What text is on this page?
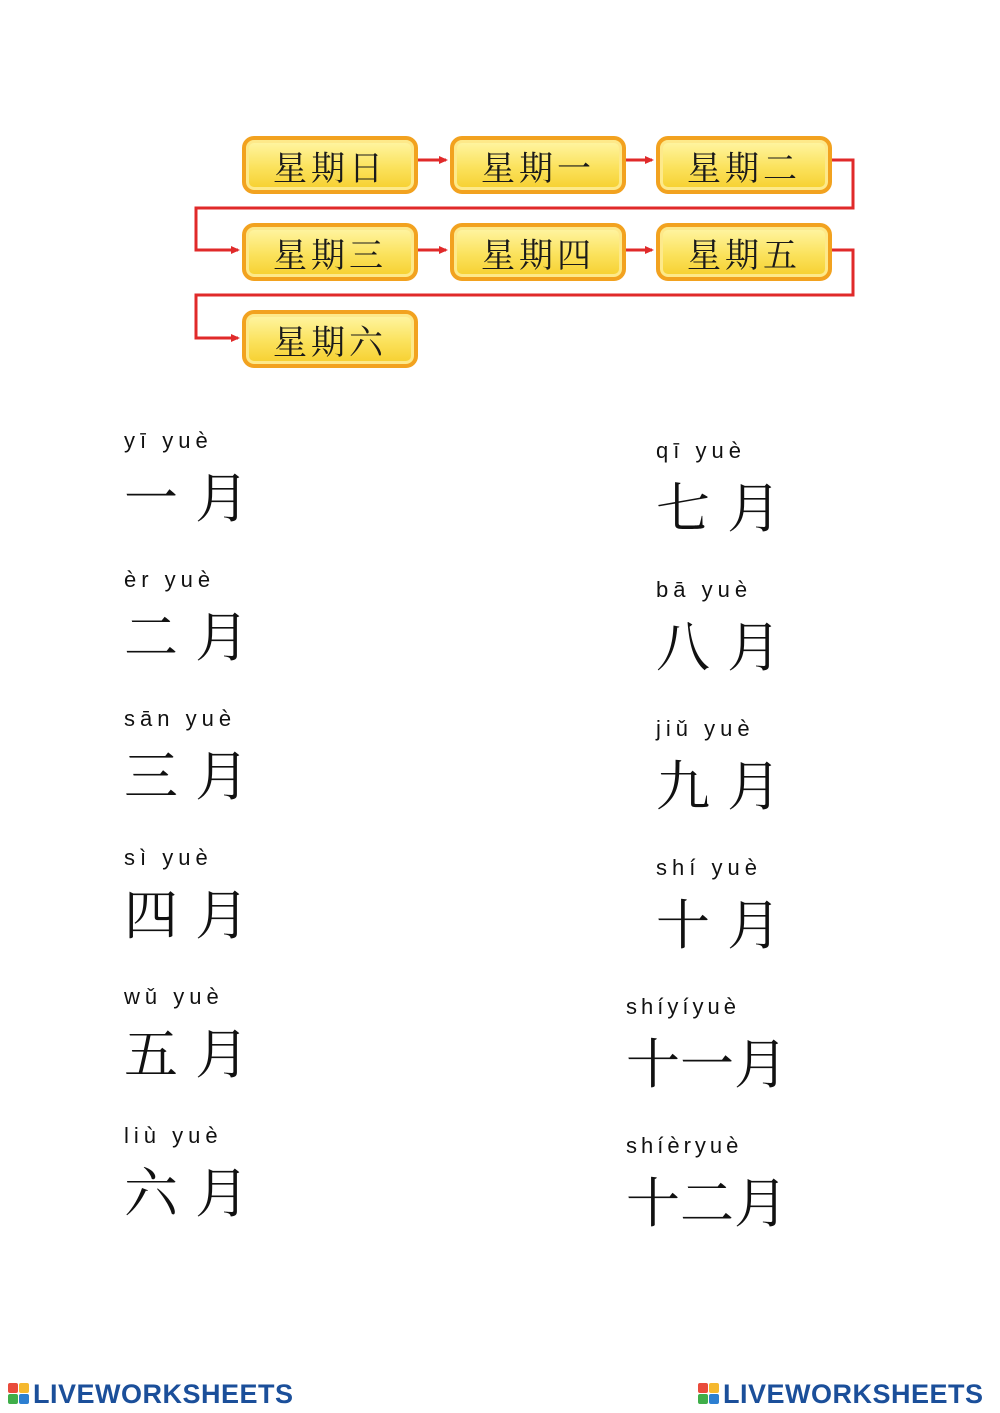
星期日	星期一	星期二
星期三	星期四	星期五
星期六
yī yuè
一 月
èr yuè
二 月
sān yuè
三 月
sì yuè
四 月
wǔ yuè
五 月
liù yuè
六 月
qī yuè
七 月
bā yuè
八 月
jiǔ yuè
九 月
shí yuè
十 月
shíyíyuè
十一月
shíèryuè
十二月
LIVEWORKSHEETS	LIVEWORKSHEETS
